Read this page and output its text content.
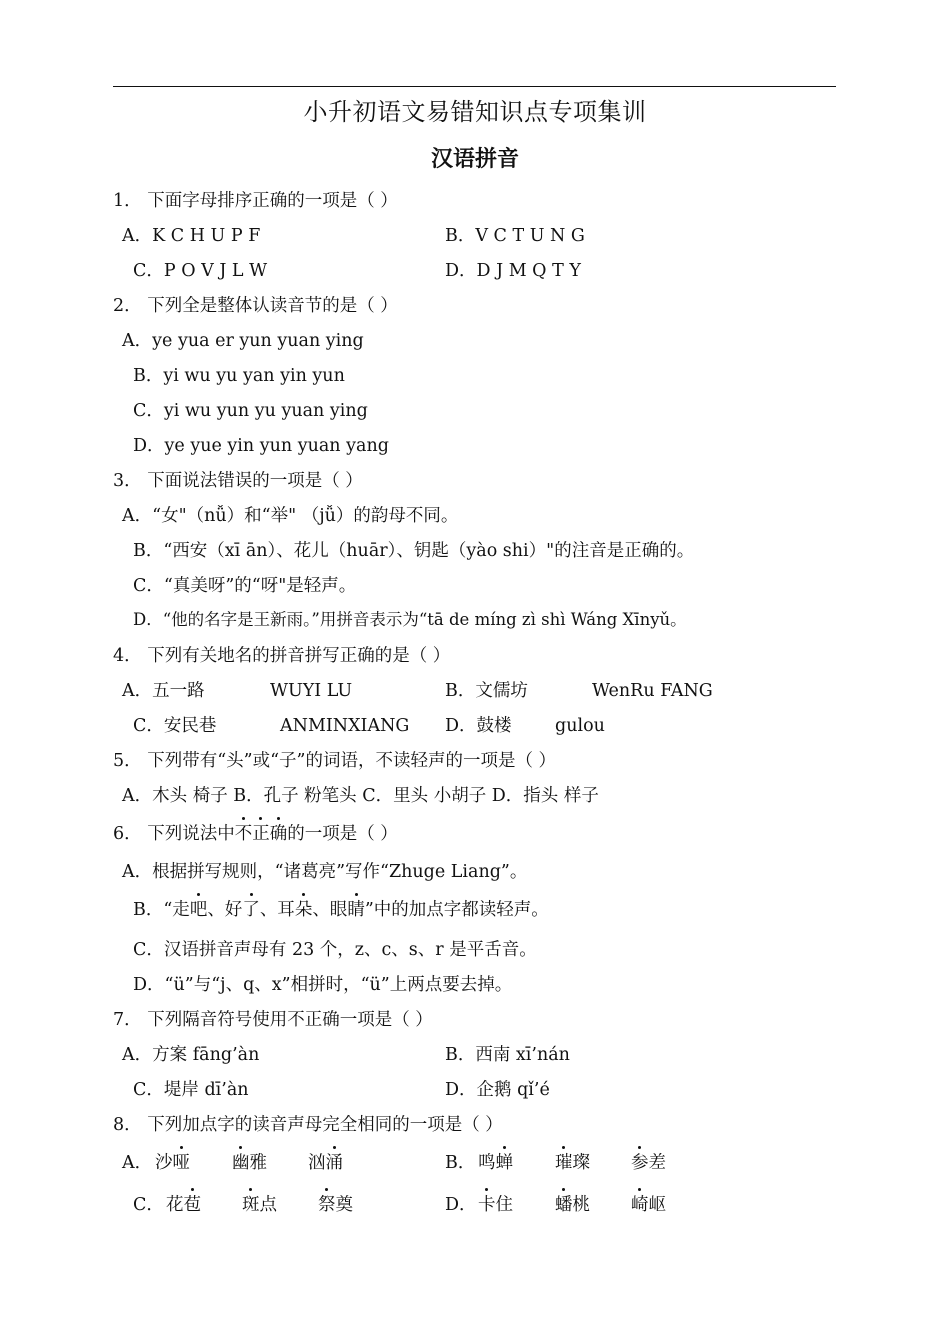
小升初语文易错知识点专项集训
汉语拼音
1． 下面字母排序正确的一项是（ ）
A．K C H U P F	B．V C T U N G
C．P O V J L W	D．D J M Q T Y
2． 下列全是整体认读音节的是（ ）
A．ye yua er yun yuan ying
B．yi wu yu yan yin yun
C．yi wu yun yu yuan ying
D．ye yue yin yun yuan yang
3． 下面说法错误的一项是（ ）
A．“女"（nǚ）和“举" （jǚ）的韵母不同。
B．“西安（xī ān）、花儿（huār）、钥匙（yào shi）"的注音是正确的。
C．“真美呀”的“呀"是轻声。
D．“他的名字是王新雨。”用拼音表示为“tā de míng zì shì Wáng Xīnyǔ。
4． 下列有关地名的拼音拼写正确的是（ ）
A．五一路	WUYI LU	B．文儒坊	WenRu FANG
C．安民巷	ANMINXIANG D．鼓楼 gulou
5． 下列带有“头”或“子”的词语，不读轻声的一项是（ ）
A．木头 椅子 B．孔子 粉笔头 C．里头 小胡子 D．指头 样子
6． 下列说法中不正确的一项是（ ）
A．根据拼写规则，“诸葛亮”写作“Zhuge Liang”。
B．“走吧、好了、耳朵、眼睛”中的加点字都读轻声。
C．汉语拼音声母有 23 个，z、c、s、r 是平舌音。
D．“ü”与“j、q、x”相拼时，“ü”上两点要去掉。
7． 下列隔音符号使用不正确一项是（ ）
A．方案 fāng’àn	B．西南 xī’nán
C．堤岸 dī’àn	D．企鹅 qǐ’é
8． 下列加点字的读音声母完全相同的一项是（ ）
A． 沙哑 幽雅 汹涌	B． 鸣蝉 璀璨 参差
C． 花苞 斑点 祭奠	D． 卡住 蟠桃 崎岖
